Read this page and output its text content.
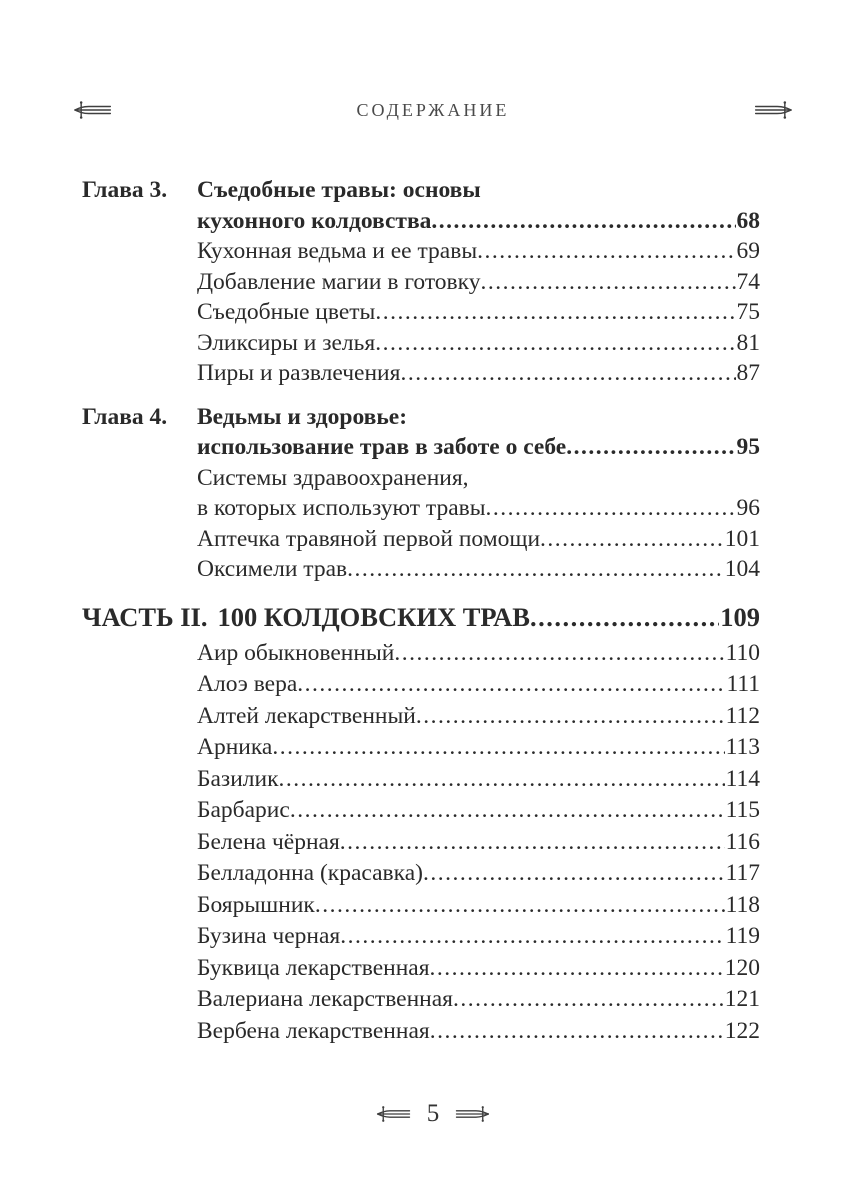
СОДЕРЖАНИЕ
Глава 3.	Съедобные травы: основы
кухонного колдовства .....	68
Кухонная ведьма и ее травы .....	69
Добавление магии в готовку .....	74
Съедобные цветы .....	75
Эликсиры и зелья .....	81
Пиры и развлечения .....	87
Глава 4.	Ведьмы и здоровье:
использование трав в заботе о себе .....	95
Системы здравоохранения,
в которых используют травы .....	96
Аптечка травяной первой помощи .....	101
Оксимели трав .....	104
ЧАСТЬ II. 100 КОЛДОВСКИХ ТРАВ .....	109
Аир обыкновенный .....	110
Алоэ вера .....	111
Алтей лекарственный .....	112
Арника .....	113
Базилик .....	114
Барбарис .....	115
Белена чёрная .....	116
Белладонна (красавка) .....	117
Боярышник .....	118
Бузина черная .....	119
Буквица лекарственная .....	120
Валериана лекарственная .....	121
Вербена лекарственная .....	122
5
